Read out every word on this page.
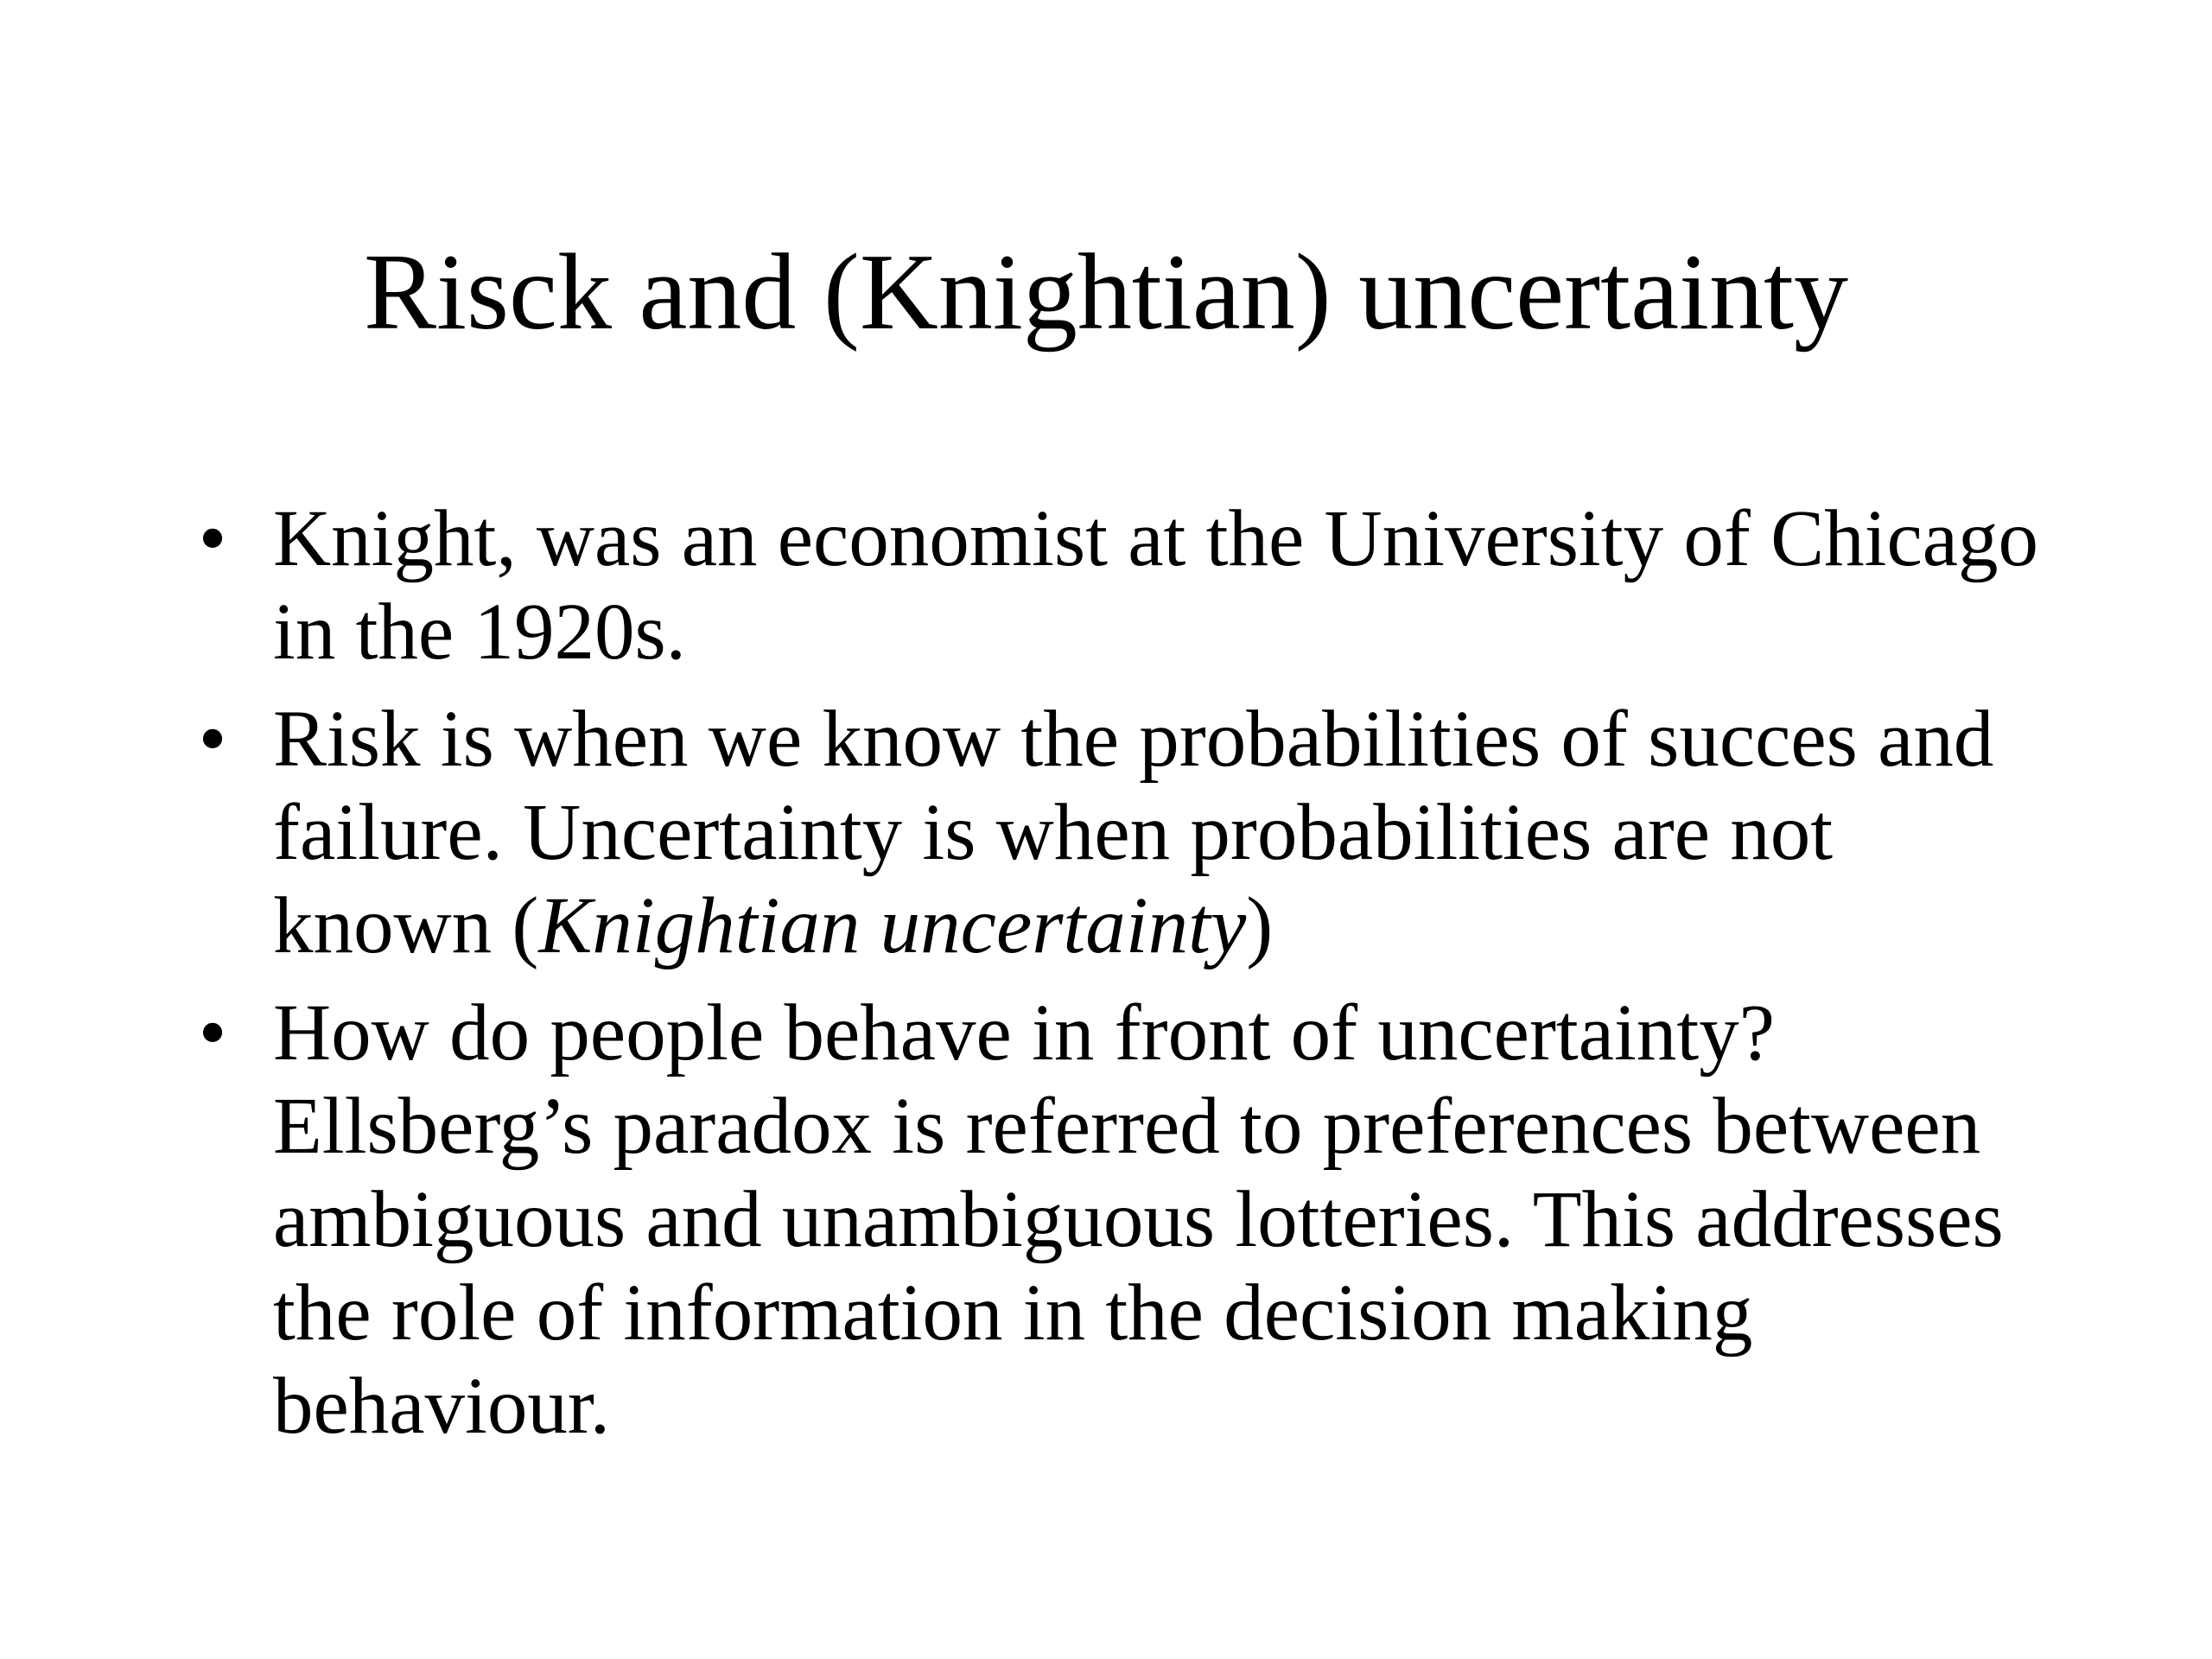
Risck and (Knightian) uncertainty
• Knight, was an economist at the University of Chicago in the 1920s.
• Risk is when we know the probabilities of succes and failure. Uncertainty is when probabilities are not known (Knightian uncertainty)
• How do people behave in front of uncertainty? Ellsberg’s paradox is referred to preferences between ambiguous and unambiguous lotteries. This addresses the role of information in the decision making behaviour.
